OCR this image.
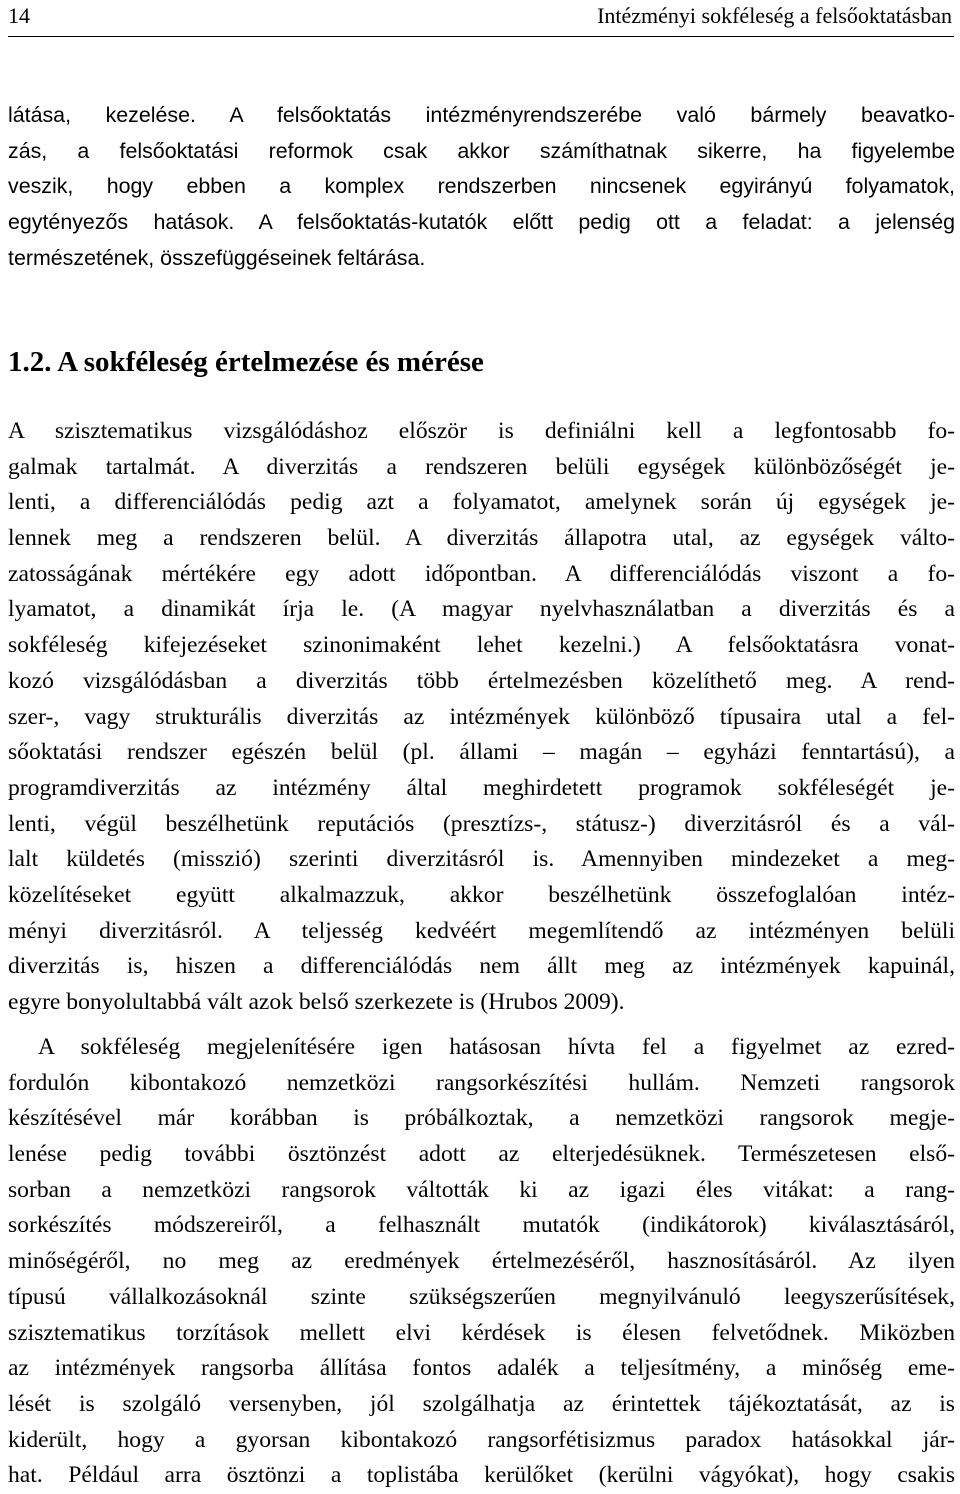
14	Intézményi sokféleség a felsőoktatásban
látása, kezelése. A felsőoktatás intézményrendszerébe való bármely beavatko-
zás, a felsőoktatási reformok csak akkor számíthatnak sikerre, ha figyelembe
veszik, hogy ebben a komplex rendszerben nincsenek egyirányú folyamatok,
egytényezős hatások. A felsőoktatás-kutatók előtt pedig ott a feladat: a jelenség
természetének, összefüggéseinek feltárása.
1.2. A sokféleség értelmezése és mérése
A szisztematikus vizsgálódáshoz először is definiálni kell a legfontosabb fo-
galmak tartalmát. A diverzitás a rendszeren belüli egységek különbözőségét je-
lenti, a differenciálódás pedig azt a folyamatot, amelynek során új egységek je-
lennek meg a rendszeren belül. A diverzitás állapotra utal, az egységek válto-
zatosságának mértékére egy adott időpontban. A differenciálódás viszont a fo-
lyamatot, a dinamikát írja le. (A magyar nyelvhasználatban a diverzitás és a
sokféleség kifejezéseket szinonimaként lehet kezelni.) A felsőoktatásra vonat-
kozó vizsgálódásban a diverzitás több értelmezésben közelíthető meg. A rend-
szer-, vagy strukturális diverzitás az intézmények különböző típusaira utal a fel-
sőoktatási rendszer egészén belül (pl. állami – magán – egyházi fenntartású), a
programdiverzitás az intézmény által meghirdetett programok sokféleségét je-
lenti, végül beszélhetünk reputációs (presztízs-, státusz-) diverzitásról és a vál-
lalt küldetés (misszió) szerinti diverzitásról is. Amennyiben mindezeket a meg-
közelítéseket együtt alkalmazzuk, akkor beszélhetünk összefoglalóan intéz-
ményi diverzitásról. A teljesség kedvéért megemlítendő az intézményen belüli
diverzitás is, hiszen a differenciálódás nem állt meg az intézmények kapuinál,
egyre bonyolultabbá vált azok belső szerkezete is (Hrubos 2009).
A sokféleség megjelenítésére igen hatásosan hívta fel a figyelmet az ezred-
fordulón kibontakozó nemzetközi rangsorkészítési hullám. Nemzeti rangsorok
készítésével már korábban is próbálkoztak, a nemzetközi rangsorok megje-
lenése pedig további ösztönzést adott az elterjedésüknek. Természetesen első-
sorban a nemzetközi rangsorok váltották ki az igazi éles vitákat: a rang-
sorkészítés módszereiről, a felhasznált mutatók (indikátorok) kiválasztásáról,
minőségéről, no meg az eredmények értelmezéséről, hasznosításáról. Az ilyen
típusú vállalkozásoknál szinte szükségszerűen megnyilvánuló leegyszerűsítések,
szisztematikus torzítások mellett elvi kérdések is élesen felvetődnek. Miközben
az intézmények rangsorba állítása fontos adalék a teljesítmény, a minőség eme-
lését is szolgáló versenyben, jól szolgálhatja az érintettek tájékoztatását, az is
kiderült, hogy a gyorsan kibontakozó rangsorfétisizmus paradox hatásokkal jár-
hat. Például arra ösztönzi a toplistába kerülőket (kerülni vágyókat), hogy csakis
